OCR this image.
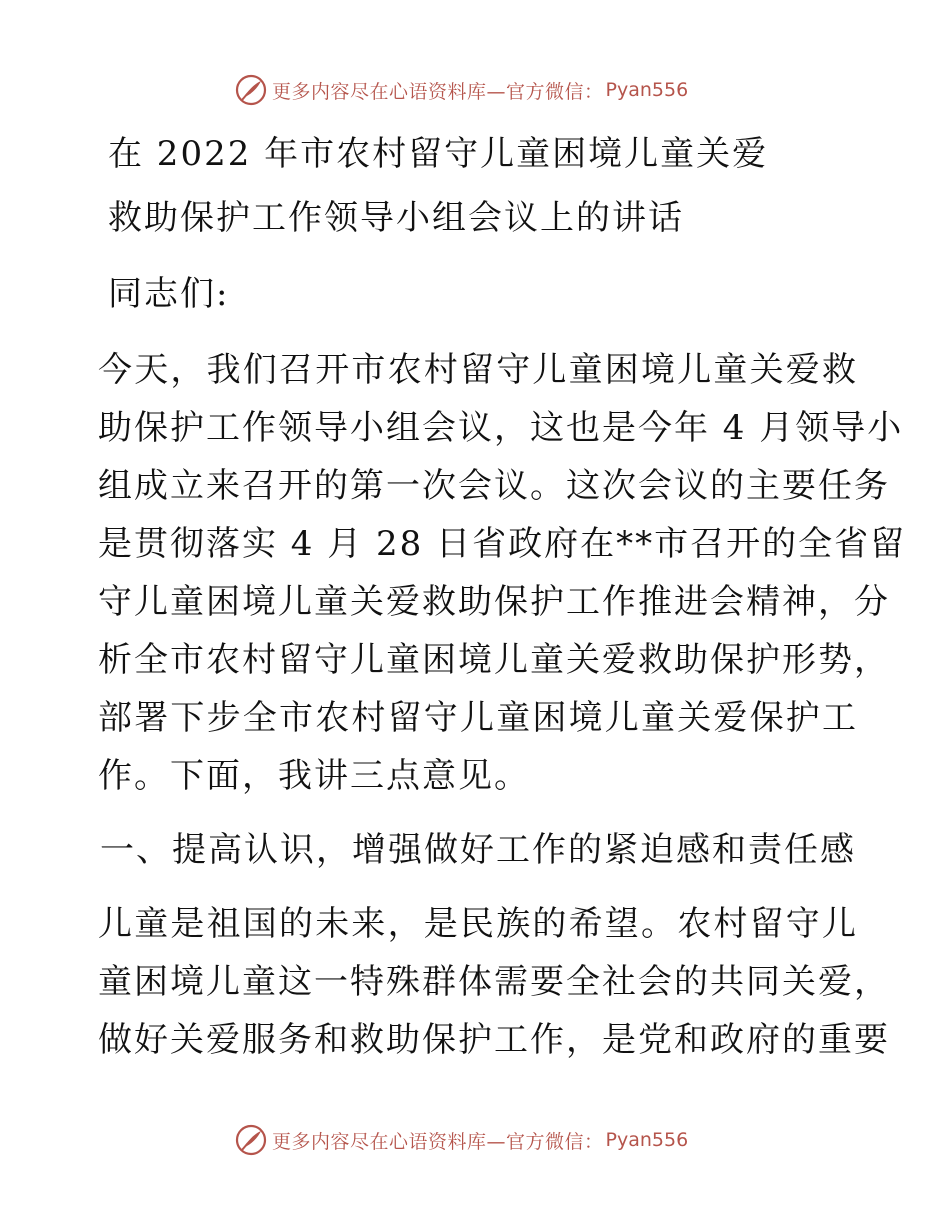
更多内容尽在心语资料库—官方微信： Pyan556
在 2022 年市农村留守儿童困境儿童关爱
救助保护工作领导小组会议上的讲话
同志们:
今天，我们召开市农村留守儿童困境儿童关爱救
助保护工作领导小组会议，这也是今年 4 月领导小
组成立来召开的第一次会议。这次会议的主要任务
是贯彻落实 4 月 28 日省政府在**市召开的全省留
守儿童困境儿童关爱救助保护工作推进会精神，分
析全市农村留守儿童困境儿童关爱救助保护形势，
部署下步全市农村留守儿童困境儿童关爱保护工
作。下面，我讲三点意见。
一、提高认识，增强做好工作的紧迫感和责任感
儿童是祖国的未来，是民族的希望。农村留守儿
童困境儿童这一特殊群体需要全社会的共同关爱，
做好关爱服务和救助保护工作，是党和政府的重要
更多内容尽在心语资料库—官方微信： Pyan556
